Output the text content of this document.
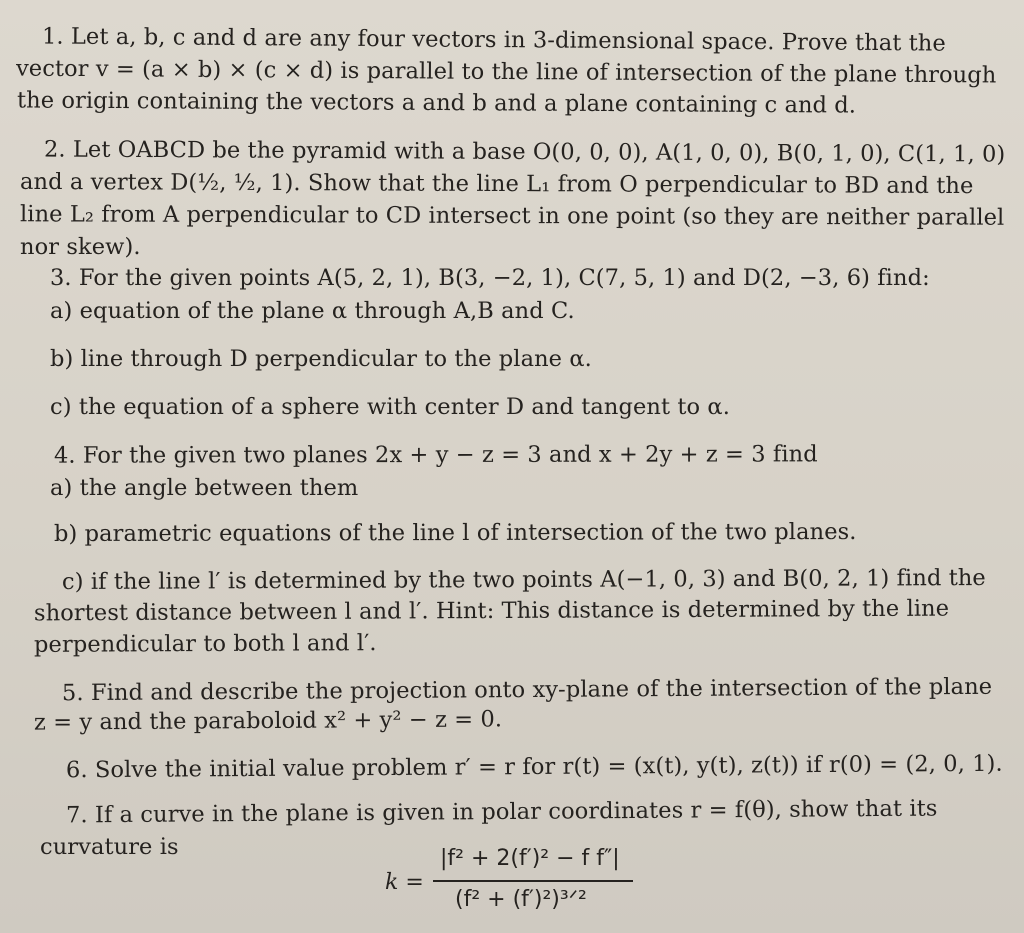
1. Let a, b, c and d are any four vectors in 3-dimensional space. Prove that the
vector v = (a × b) × (c × d) is parallel to the line of intersection of the plane through
the origin containing the vectors a and b and a plane containing c and d.
2. Let OABCD be the pyramid with a base O(0, 0, 0), A(1, 0, 0), B(0, 1, 0), C(1, 1, 0)
and a vertex D(½, ½, 1). Show that the line L₁ from O perpendicular to BD and the
line L₂ from A perpendicular to CD intersect in one point (so they are neither parallel
nor skew).
3. For the given points A(5, 2, 1), B(3, −2, 1), C(7, 5, 1) and D(2, −3, 6) find:
a) equation of the plane α through A,B and C.
b) line through D perpendicular to the plane α.
c) the equation of a sphere with center D and tangent to α.
4. For the given two planes 2x + y − z = 3 and x + 2y + z = 3 find
a) the angle between them
b) parametric equations of the line l of intersection of the two planes.
c) if the line l′ is determined by the two points A(−1, 0, 3) and B(0, 2, 1) find the
shortest distance between l and l′. Hint: This distance is determined by the line
perpendicular to both l and l′.
5. Find and describe the projection onto xy-plane of the intersection of the plane
z = y and the paraboloid x² + y² − z = 0.
6. Solve the initial value problem r′ = r for r(t) = (x(t), y(t), z(t)) if r(0) = (2, 0, 1).
7. If a curve in the plane is given in polar coordinates r = f(θ), show that its
curvature is
k =
|f² + 2(f′)² − f f″|
(f² + (f′)²)³ᐟ²
